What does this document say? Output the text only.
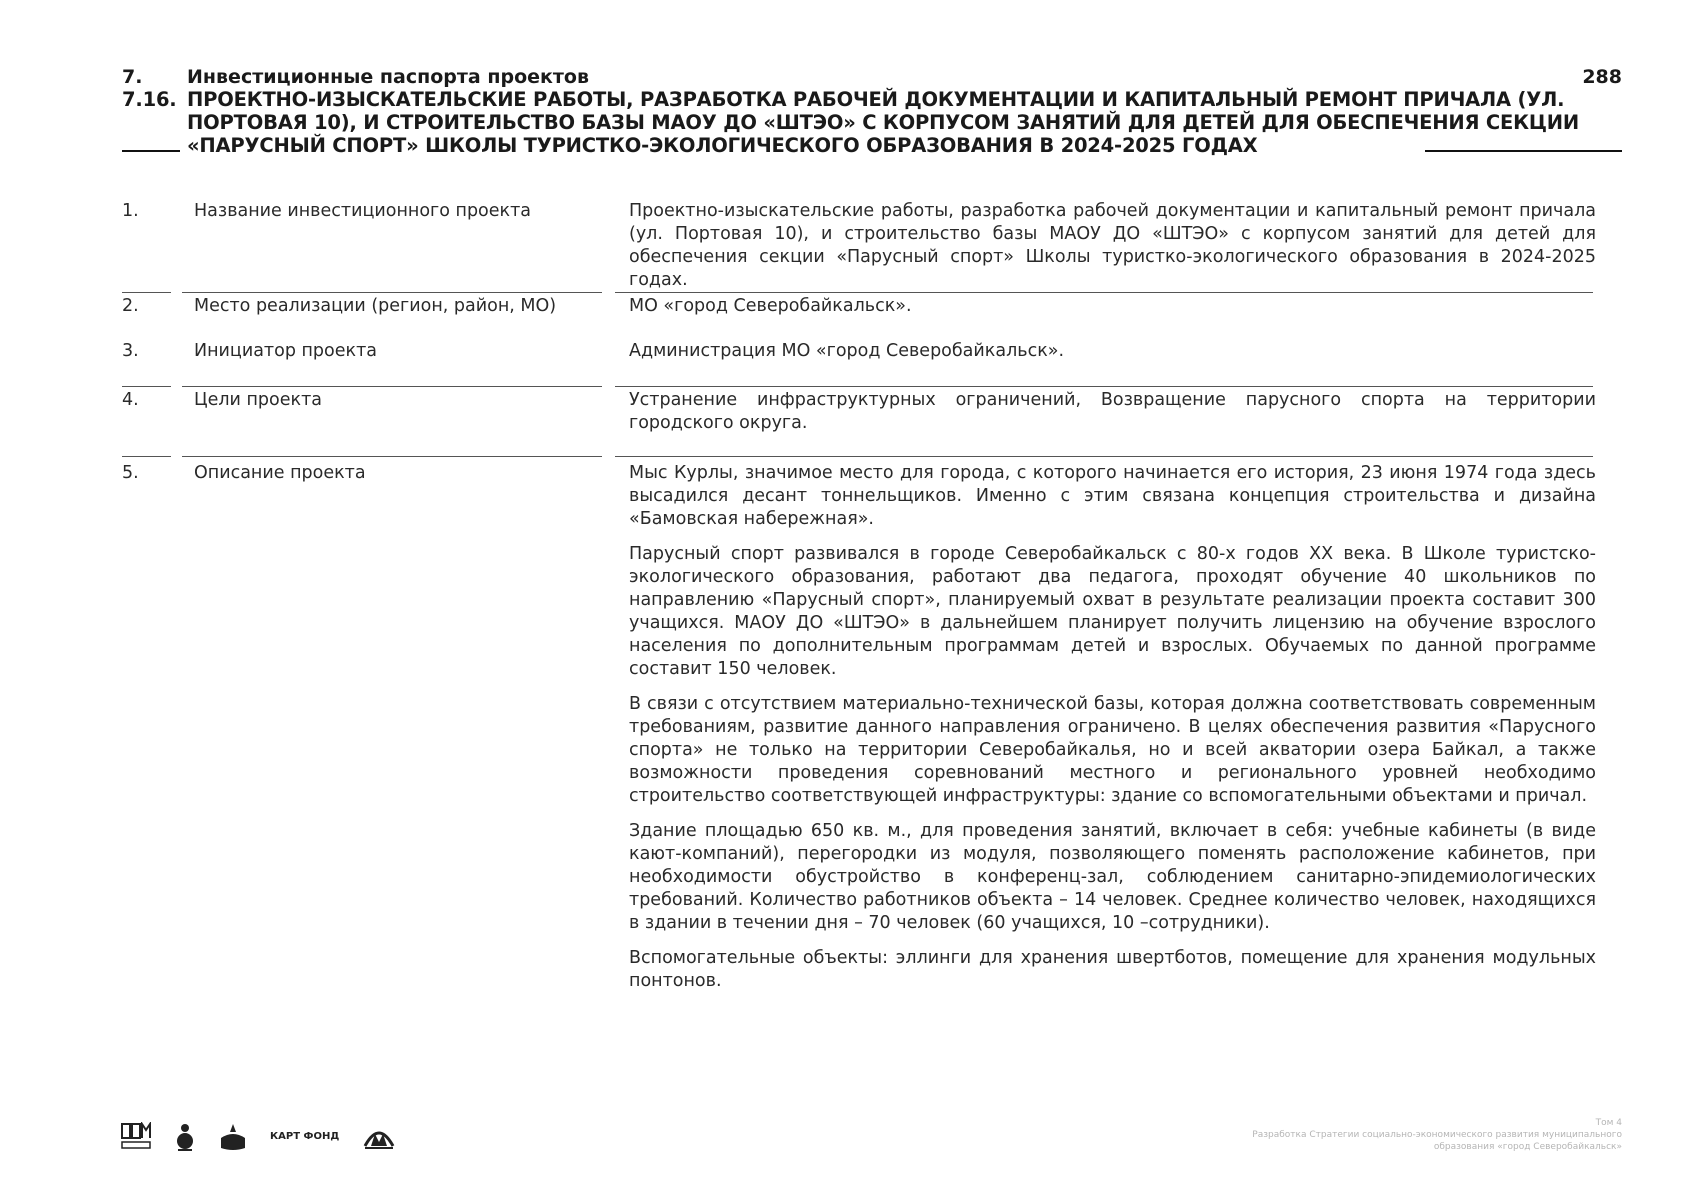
7.	Инвестиционные паспорта проектов	288
7.16. ПРОЕКТНО-ИЗЫСКАТЕЛЬСКИЕ РАБОТЫ, РАЗРАБОТКА РАБОЧЕЙ ДОКУМЕНТАЦИИ И КАПИТАЛЬНЫЙ РЕМОНТ ПРИЧАЛА (УЛ. ПОРТОВАЯ 10), И СТРОИТЕЛЬСТВО БАЗЫ МАОУ ДО «ШТЭО» С КОРПУСОМ ЗАНЯТИЙ ДЛЯ ДЕТЕЙ ДЛЯ ОБЕСПЕЧЕНИЯ СЕКЦИИ «ПАРУСНЫЙ СПОРТ» ШКОЛЫ ТУРИСТКО-ЭКОЛОГИЧЕСКОГО ОБРАЗОВАНИЯ В 2024-2025 ГОДАХ
1.	Название инвестиционного проекта	Проектно-изыскательские работы, разработка рабочей документации и капитальный ремонт причала (ул. Портовая 10), и строительство базы МАОУ ДО «ШТЭО» с корпусом занятий для детей для обеспечения секции «Парусный спорт» Школы туристко-экологического образования в 2024-2025 годах.

2.	Место реализации (регион, район, МО)	МО «город Северобайкальск».

3.	Инициатор проекта	Администрация МО «город Северобайкальск».

4.	Цели проекта	Устранение инфраструктурных ограничений, Возвращение парусного спорта на территории городского округа.

5.	Описание проекта	Мыс Курлы, значимое место для города, с которого начинается его история, 23 июня 1974 года здесь высадился десант тоннельщиков. Именно с этим связана концепция строительства и дизайна «Бамовская набережная».

Парусный спорт развивался в городе Северобайкальск с 80-х годов XX века. В Школе туристско-экологического образования, работают два педагога, проходят обучение 40 школьников по направлению «Парусный спорт», планируемый охват в результате реализации проекта составит 300 учащихся. МАОУ ДО «ШТЭО» в дальнейшем планирует получить лицензию на обучение взрослого населения по дополнительным программам детей и взрослых. Обучаемых по данной программе составит 150 человек.

В связи с отсутствием материально-технической базы, которая должна соответствовать современным требованиям, развитие данного направления ограничено. В целях обеспечения развития «Парусного спорта» не только на территории Северобайкалья, но и всей акватории озера Байкал, а также возможности проведения соревнований местного и регионального уровней необходимо строительство соответствующей инфраструктуры: здание со вспомогательными объектами и причал.

Здание площадью 650 кв. м., для проведения занятий, включает в себя: учебные кабинеты (в виде кают-компаний), перегородки из модуля, позволяющего поменять расположение кабинетов, при необходимости обустройство в конференц-зал, соблюдением санитарно-эпидемиологических требований. Количество работников объекта – 14 человек. Среднее количество человек, находящихся в здании в течении дня – 70 человек (60 учащихся, 10 –сотрудники).

Вспомогательные объекты: эллинги для хранения швертботов, помещение для хранения модульных понтонов.

КАРТ ФОНД
Том 4
Разработка Стратегии социально-экономического развития муниципального
образования «город Северобайкальск»
